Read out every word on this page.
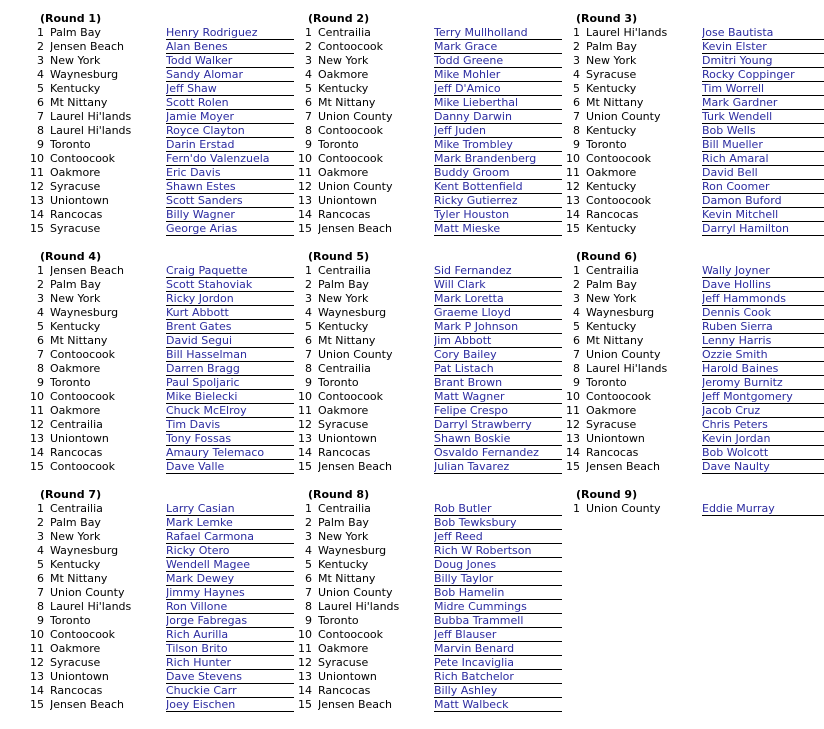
(Round 1)
1 Palm Bay	Henry Rodriguez
2 Jensen Beach	Alan Benes
3 New York	Todd Walker
4 Waynesburg	Sandy Alomar
5 Kentucky	Jeff Shaw
6 Mt Nittany	Scott Rolen
7 Laurel Hi'lands	Jamie Moyer
8 Laurel Hi'lands	Royce Clayton
9 Toronto	Darin Erstad
10 Contoocook	Fern'do Valenzuela
11 Oakmore	Eric Davis
12 Syracuse	Shawn Estes
13 Uniontown	Scott Sanders
14 Rancocas	Billy Wagner
15 Syracuse	George Arias
(Round 2)
1 Centrailia	Terry Mullholland
2 Contoocook	Mark Grace
3 New York	Todd Greene
4 Oakmore	Mike Mohler
5 Kentucky	Jeff D'Amico
6 Mt Nittany	Mike Lieberthal
7 Union County	Danny Darwin
8 Contoocook	Jeff Juden
9 Toronto	Mike Trombley
10 Contoocook	Mark Brandenberg
11 Oakmore	Buddy Groom
12 Union County	Kent Bottenfield
13 Uniontown	Ricky Gutierrez
14 Rancocas	Tyler Houston
15 Jensen Beach	Matt Mieske
(Round 3)
1 Laurel Hi'lands	Jose Bautista
2 Palm Bay	Kevin Elster
3 New York	Dmitri Young
4 Syracuse	Rocky Coppinger
5 Kentucky	Tim Worrell
6 Mt Nittany	Mark Gardner
7 Union County	Turk Wendell
8 Kentucky	Bob Wells
9 Toronto	Bill Mueller
10 Contoocook	Rich Amaral
11 Oakmore	David Bell
12 Kentucky	Ron Coomer
13 Contoocook	Damon Buford
14 Rancocas	Kevin Mitchell
15 Kentucky	Darryl Hamilton
(Round 4)
1 Jensen Beach	Craig Paquette
2 Palm Bay	Scott Stahoviak
3 New York	Ricky Jordon
4 Waynesburg	Kurt Abbott
5 Kentucky	Brent Gates
6 Mt Nittany	David Segui
7 Contoocook	Bill Hasselman
8 Oakmore	Darren Bragg
9 Toronto	Paul Spoljaric
10 Contoocook	Mike Bielecki
11 Oakmore	Chuck McElroy
12 Centrailia	Tim Davis
13 Uniontown	Tony Fossas
14 Rancocas	Amaury Telemaco
15 Contoocook	Dave Valle
(Round 5)
1 Centrailia	Sid Fernandez
2 Palm Bay	Will Clark
3 New York	Mark Loretta
4 Waynesburg	Graeme Lloyd
5 Kentucky	Mark P Johnson
6 Mt Nittany	Jim Abbott
7 Union County	Cory Bailey
8 Centrailia	Pat Listach
9 Toronto	Brant Brown
10 Contoocook	Matt Wagner
11 Oakmore	Felipe Crespo
12 Syracuse	Darryl Strawberry
13 Uniontown	Shawn Boskie
14 Rancocas	Osvaldo Fernandez
15 Jensen Beach	Julian Tavarez
(Round 6)
1 Centrailia	Wally Joyner
2 Palm Bay	Dave Hollins
3 New York	Jeff Hammonds
4 Waynesburg	Dennis Cook
5 Kentucky	Ruben Sierra
6 Mt Nittany	Lenny Harris
7 Union County	Ozzie Smith
8 Laurel Hi'lands	Harold Baines
9 Toronto	Jeromy Burnitz
10 Contoocook	Jeff Montgomery
11 Oakmore	Jacob Cruz
12 Syracuse	Chris Peters
13 Uniontown	Kevin Jordan
14 Rancocas	Bob Wolcott
15 Jensen Beach	Dave Naulty
(Round 7)
1 Centrailia	Larry Casian
2 Palm Bay	Mark Lemke
3 New York	Rafael Carmona
4 Waynesburg	Ricky Otero
5 Kentucky	Wendell Magee
6 Mt Nittany	Mark Dewey
7 Union County	Jimmy Haynes
8 Laurel Hi'lands	Ron Villone
9 Toronto	Jorge Fabregas
10 Contoocook	Rich Aurilla
11 Oakmore	Tilson Brito
12 Syracuse	Rich Hunter
13 Uniontown	Dave Stevens
14 Rancocas	Chuckie Carr
15 Jensen Beach	Joey Eischen
(Round 8)
1 Centrailia	Rob Butler
2 Palm Bay	Bob Tewksbury
3 New York	Jeff Reed
4 Waynesburg	Rich W Robertson
5 Kentucky	Doug Jones
6 Mt Nittany	Billy Taylor
7 Union County	Bob Hamelin
8 Laurel Hi'lands	Midre Cummings
9 Toronto	Bubba Trammell
10 Contoocook	Jeff Blauser
11 Oakmore	Marvin Benard
12 Syracuse	Pete Incaviglia
13 Uniontown	Rich Batchelor
14 Rancocas	Billy Ashley
15 Jensen Beach	Matt Walbeck
(Round 9)
1 Union County	Eddie Murray
